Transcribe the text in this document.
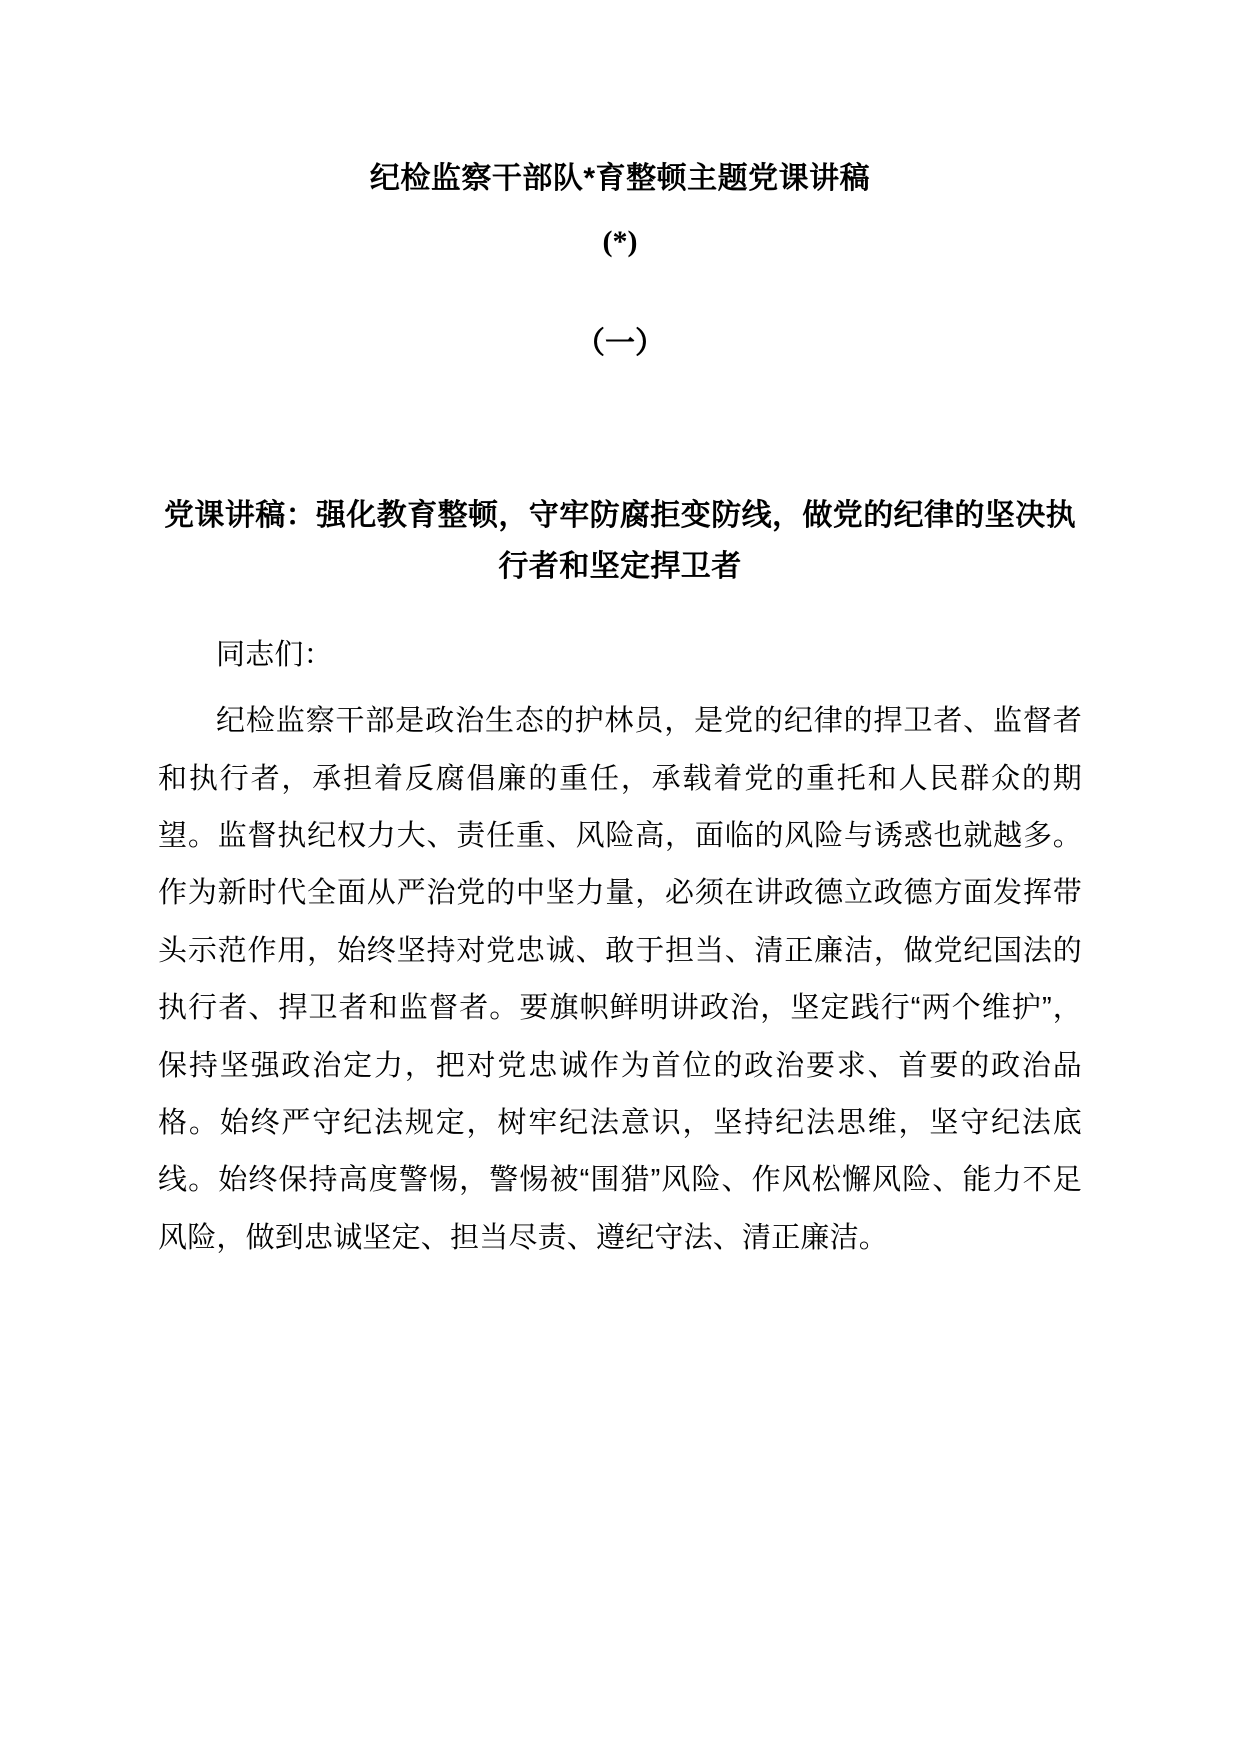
纪检监察干部队*育整顿主题党课讲稿
(*)
（一）
党课讲稿：强化教育整顿，守牢防腐拒变防线，做党的纪律的坚决执行者和坚定捍卫者

同志们：

纪检监察干部是政治生态的护林员，是党的纪律的捍卫者、监督者和执行者，承担着反腐倡廉的重任，承载着党的重托和人民群众的期望。监督执纪权力大、责任重、风险高，面临的风险与诱惑也就越多。作为新时代全面从严治党的中坚力量，必须在讲政德立政德方面发挥带头示范作用，始终坚持对党忠诚、敢于担当、清正廉洁，做党纪国法的执行者、捍卫者和监督者。要旗帜鲜明讲政治，坚定践行“两个维护”，保持坚强政治定力，把对党忠诚作为首位的政治要求、首要的政治品格。始终严守纪法规定，树牢纪法意识，坚持纪法思维，坚守纪法底线。始终保持高度警惕，警惕被“围猎”风险、作风松懈风险、能力不足风险，做到忠诚坚定、担当尽责、遵纪守法、清正廉洁。
